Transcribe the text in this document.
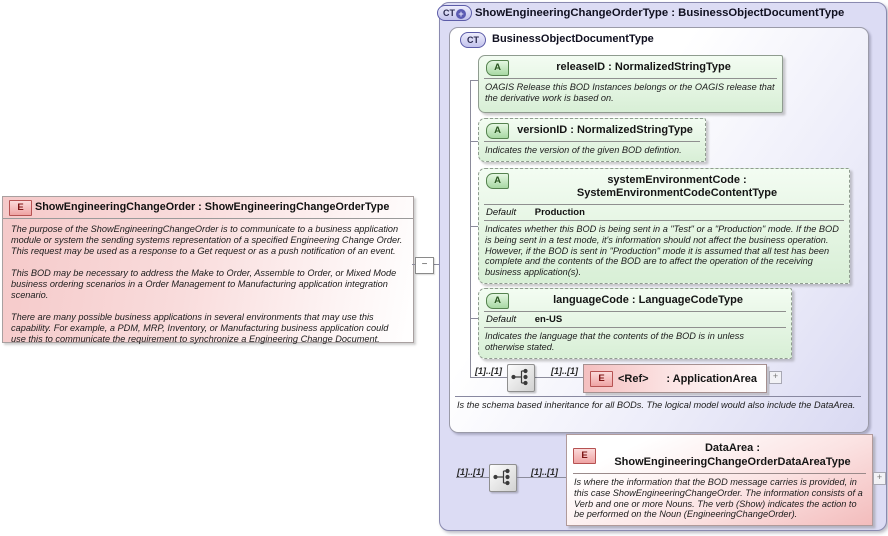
E	ShowEngineeringChangeOrder : ShowEngineeringChangeOrderType

The purpose of the ShowEngineeringChangeOrder is to communicate to a business application module or system the sending systems representation of a specified Engineering Change Order. This request may be used as a response to a Get request or as a push notification of an event.

This BOD may be necessary to address the Make to Order, Assemble to Order, or Mixed Mode business ordering scenarios in a Order Management to Manufacturing application integration scenario.

There are many possible business applications in several environments that may use this capability. For example, a PDM, MRP, Inventory, or Manufacturing business application could use this to communicate the requirement to synchronize a Engineering Change Document.

−
CT +	ShowEngineeringChangeOrderType : BusinessObjectDocumentType
CT	BusinessObjectDocumentType
A	releaseID : NormalizedStringType
OAGIS Release this BOD Instances belongs or the OAGIS release that the derivative work is based on.
A	versionID : NormalizedStringType
Indicates the version of the given BOD defintion.
A	systemEnvironmentCode : SystemEnvironmentCodeContentType
Default Production
Indicates whether this BOD is being sent in a "Test" or a "Production" mode. If the BOD is being sent in a test mode, it's information should not affect the business operation. However, if the BOD is sent in "Production" mode it is assumed that all test has been complete and the contents of the BOD are to affect the operation of the receiving business application(s).
A	languageCode : LanguageCodeType
Default en-US
Indicates the language that the contents of the BOD is in unless otherwise stated.
[1]..[1]	[1]..[1]
E	<Ref> : ApplicationArea	+
Is the schema based inheritance for all BODs. The logical model would also include the DataArea.
[1]..[1]	[1]..[1]
E
DataArea : ShowEngineeringChangeOrderDataAreaType
Is where the information that the BOD message carries is provided, in this case ShowEngineeringChangeOrder. The information consists of a Verb and one or more Nouns. The verb (Show) indicates the action to be performed on the Noun (EngineeringChangeOrder).
+
